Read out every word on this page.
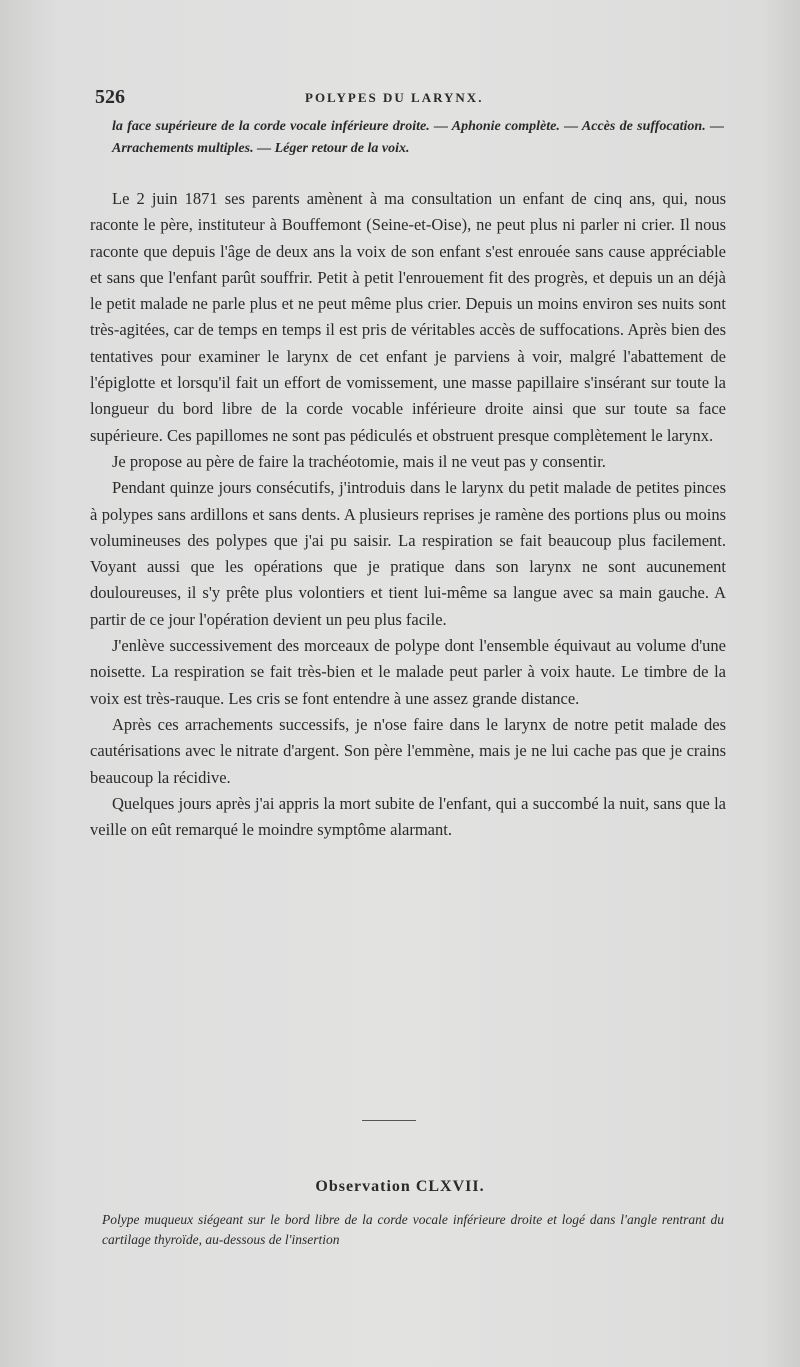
526	POLYPES DU LARYNX.
la face supérieure de la corde vocale inférieure droite. — Aphonie complète. — Accès de suffocation. — Arrachements multiples. — Léger retour de la voix.

Le 2 juin 1871 ses parents amènent à ma consultation un enfant de cinq ans, qui, nous raconte le père, instituteur à Bouffemont (Seine-et-Oise), ne peut plus ni parler ni crier. Il nous raconte que depuis l'âge de deux ans la voix de son enfant s'est enrouée sans cause appréciable et sans que l'enfant parût souffrir. Petit à petit l'enrouement fit des progrès, et depuis un an déjà le petit malade ne parle plus et ne peut même plus crier. Depuis un moins environ ses nuits sont très-agitées, car de temps en temps il est pris de véritables accès de suffocations. Après bien des tentatives pour examiner le larynx de cet enfant je parviens à voir, malgré l'abattement de l'épiglotte et lorsqu'il fait un effort de vomissement, une masse papillaire s'insérant sur toute la longueur du bord libre de la corde vocable inférieure droite ainsi que sur toute sa face supérieure. Ces papillomes ne sont pas pédiculés et obstruent presque complètement le larynx.

Je propose au père de faire la trachéotomie, mais il ne veut pas y consentir.

Pendant quinze jours consécutifs, j'introduis dans le larynx du petit malade de petites pinces à polypes sans ardillons et sans dents. A plusieurs reprises je ramène des portions plus ou moins volumineuses des polypes que j'ai pu saisir. La respiration se fait beaucoup plus facilement. Voyant aussi que les opérations que je pratique dans son larynx ne sont aucunement douloureuses, il s'y prête plus volontiers et tient lui-même sa langue avec sa main gauche. A partir de ce jour l'opération devient un peu plus facile.

J'enlève successivement des morceaux de polype dont l'ensemble équivaut au volume d'une noisette. La respiration se fait très-bien et le malade peut parler à voix haute. Le timbre de la voix est très-rauque. Les cris se font entendre à une assez grande distance.

Après ces arrachements successifs, je n'ose faire dans le larynx de notre petit malade des cautérisations avec le nitrate d'argent. Son père l'emmène, mais je ne lui cache pas que je crains beaucoup la récidive.

Quelques jours après j'ai appris la mort subite de l'enfant, qui a succombé la nuit, sans que la veille on eût remarqué le moindre symptôme alarmant.

Observation CLXVII.
Polype muqueux siégeant sur le bord libre de la corde vocale inférieure droite et logé dans l'angle rentrant du cartilage thyroïde, au-dessous de l'insertion
